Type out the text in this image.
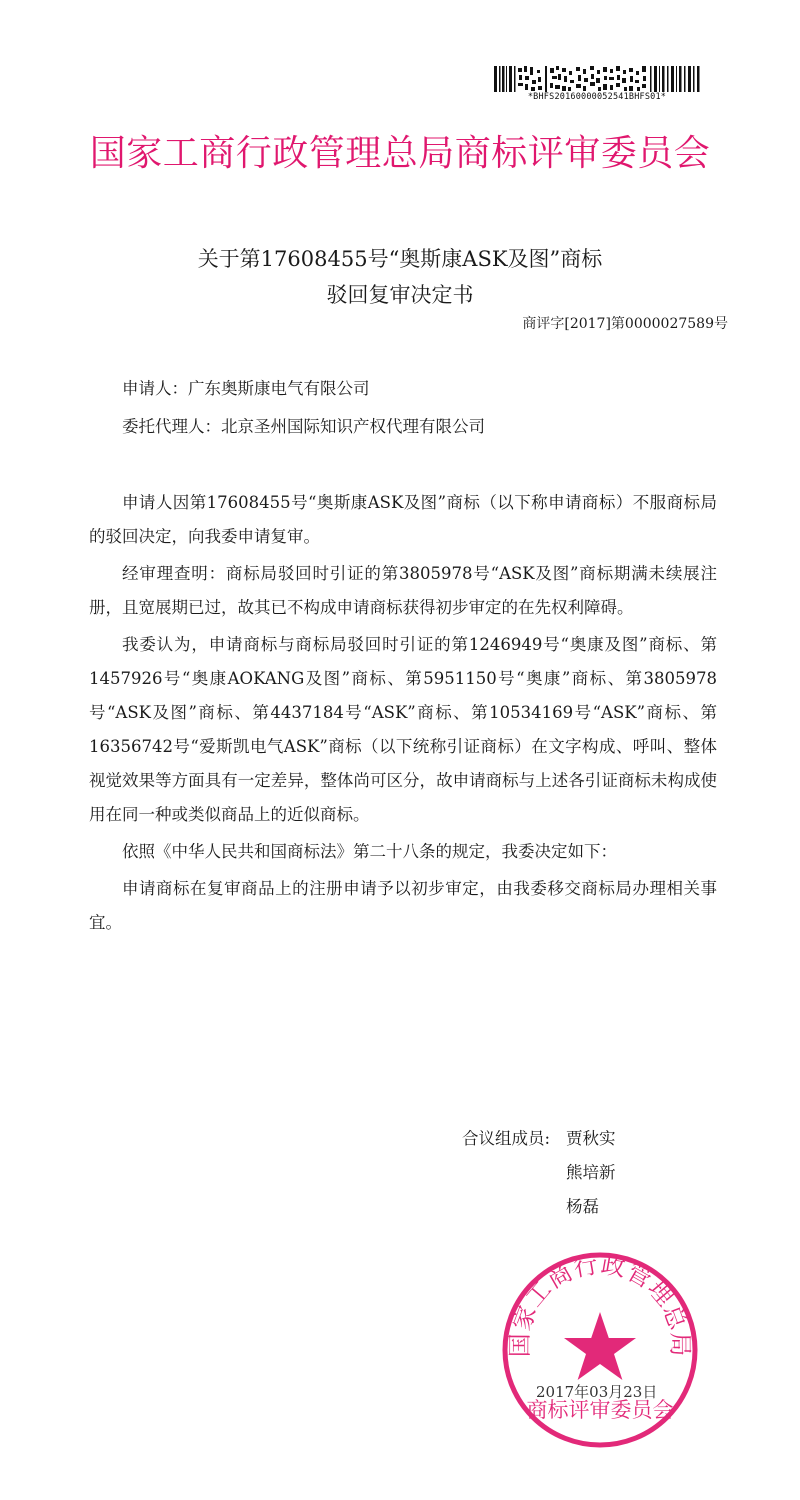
*BHFS20160000052541BHFS01*
国家工商行政管理总局商标评审委员会
关于第17608455号“奥斯康ASK及图”商标
驳回复审决定书
商评字[2017]第0000027589号
申请人：广东奥斯康电气有限公司
委托代理人：北京圣州国际知识产权代理有限公司

申请人因第17608455号“奥斯康ASK及图”商标（以下称申请商标）不服商标局的驳回决定，向我委申请复审。

经审理查明：商标局驳回时引证的第3805978号“ASK及图”商标期满未续展注册，且宽展期已过，故其已不构成申请商标获得初步审定的在先权利障碍。

我委认为，申请商标与商标局驳回时引证的第1246949号“奥康及图”商标、第1457926号“奥康AOKANG及图”商标、第5951150号“奥康”商标、第3805978号“ASK及图”商标、第4437184号“ASK”商标、第10534169号“ASK”商标、第16356742号“爱斯凯电气ASK”商标（以下统称引证商标）在文字构成、呼叫、整体视觉效果等方面具有一定差异，整体尚可区分，故申请商标与上述各引证商标未构成使用在同一种或类似商品上的近似商标。

依照《中华人民共和国商标法》第二十八条的规定，我委决定如下：

申请商标在复审商品上的注册申请予以初步审定，由我委移交商标局办理相关事宜。

合议组成员: 贾秋实
熊培新
杨磊
国家工商行政管理总局
商标评审委员会
2017年03月23日
